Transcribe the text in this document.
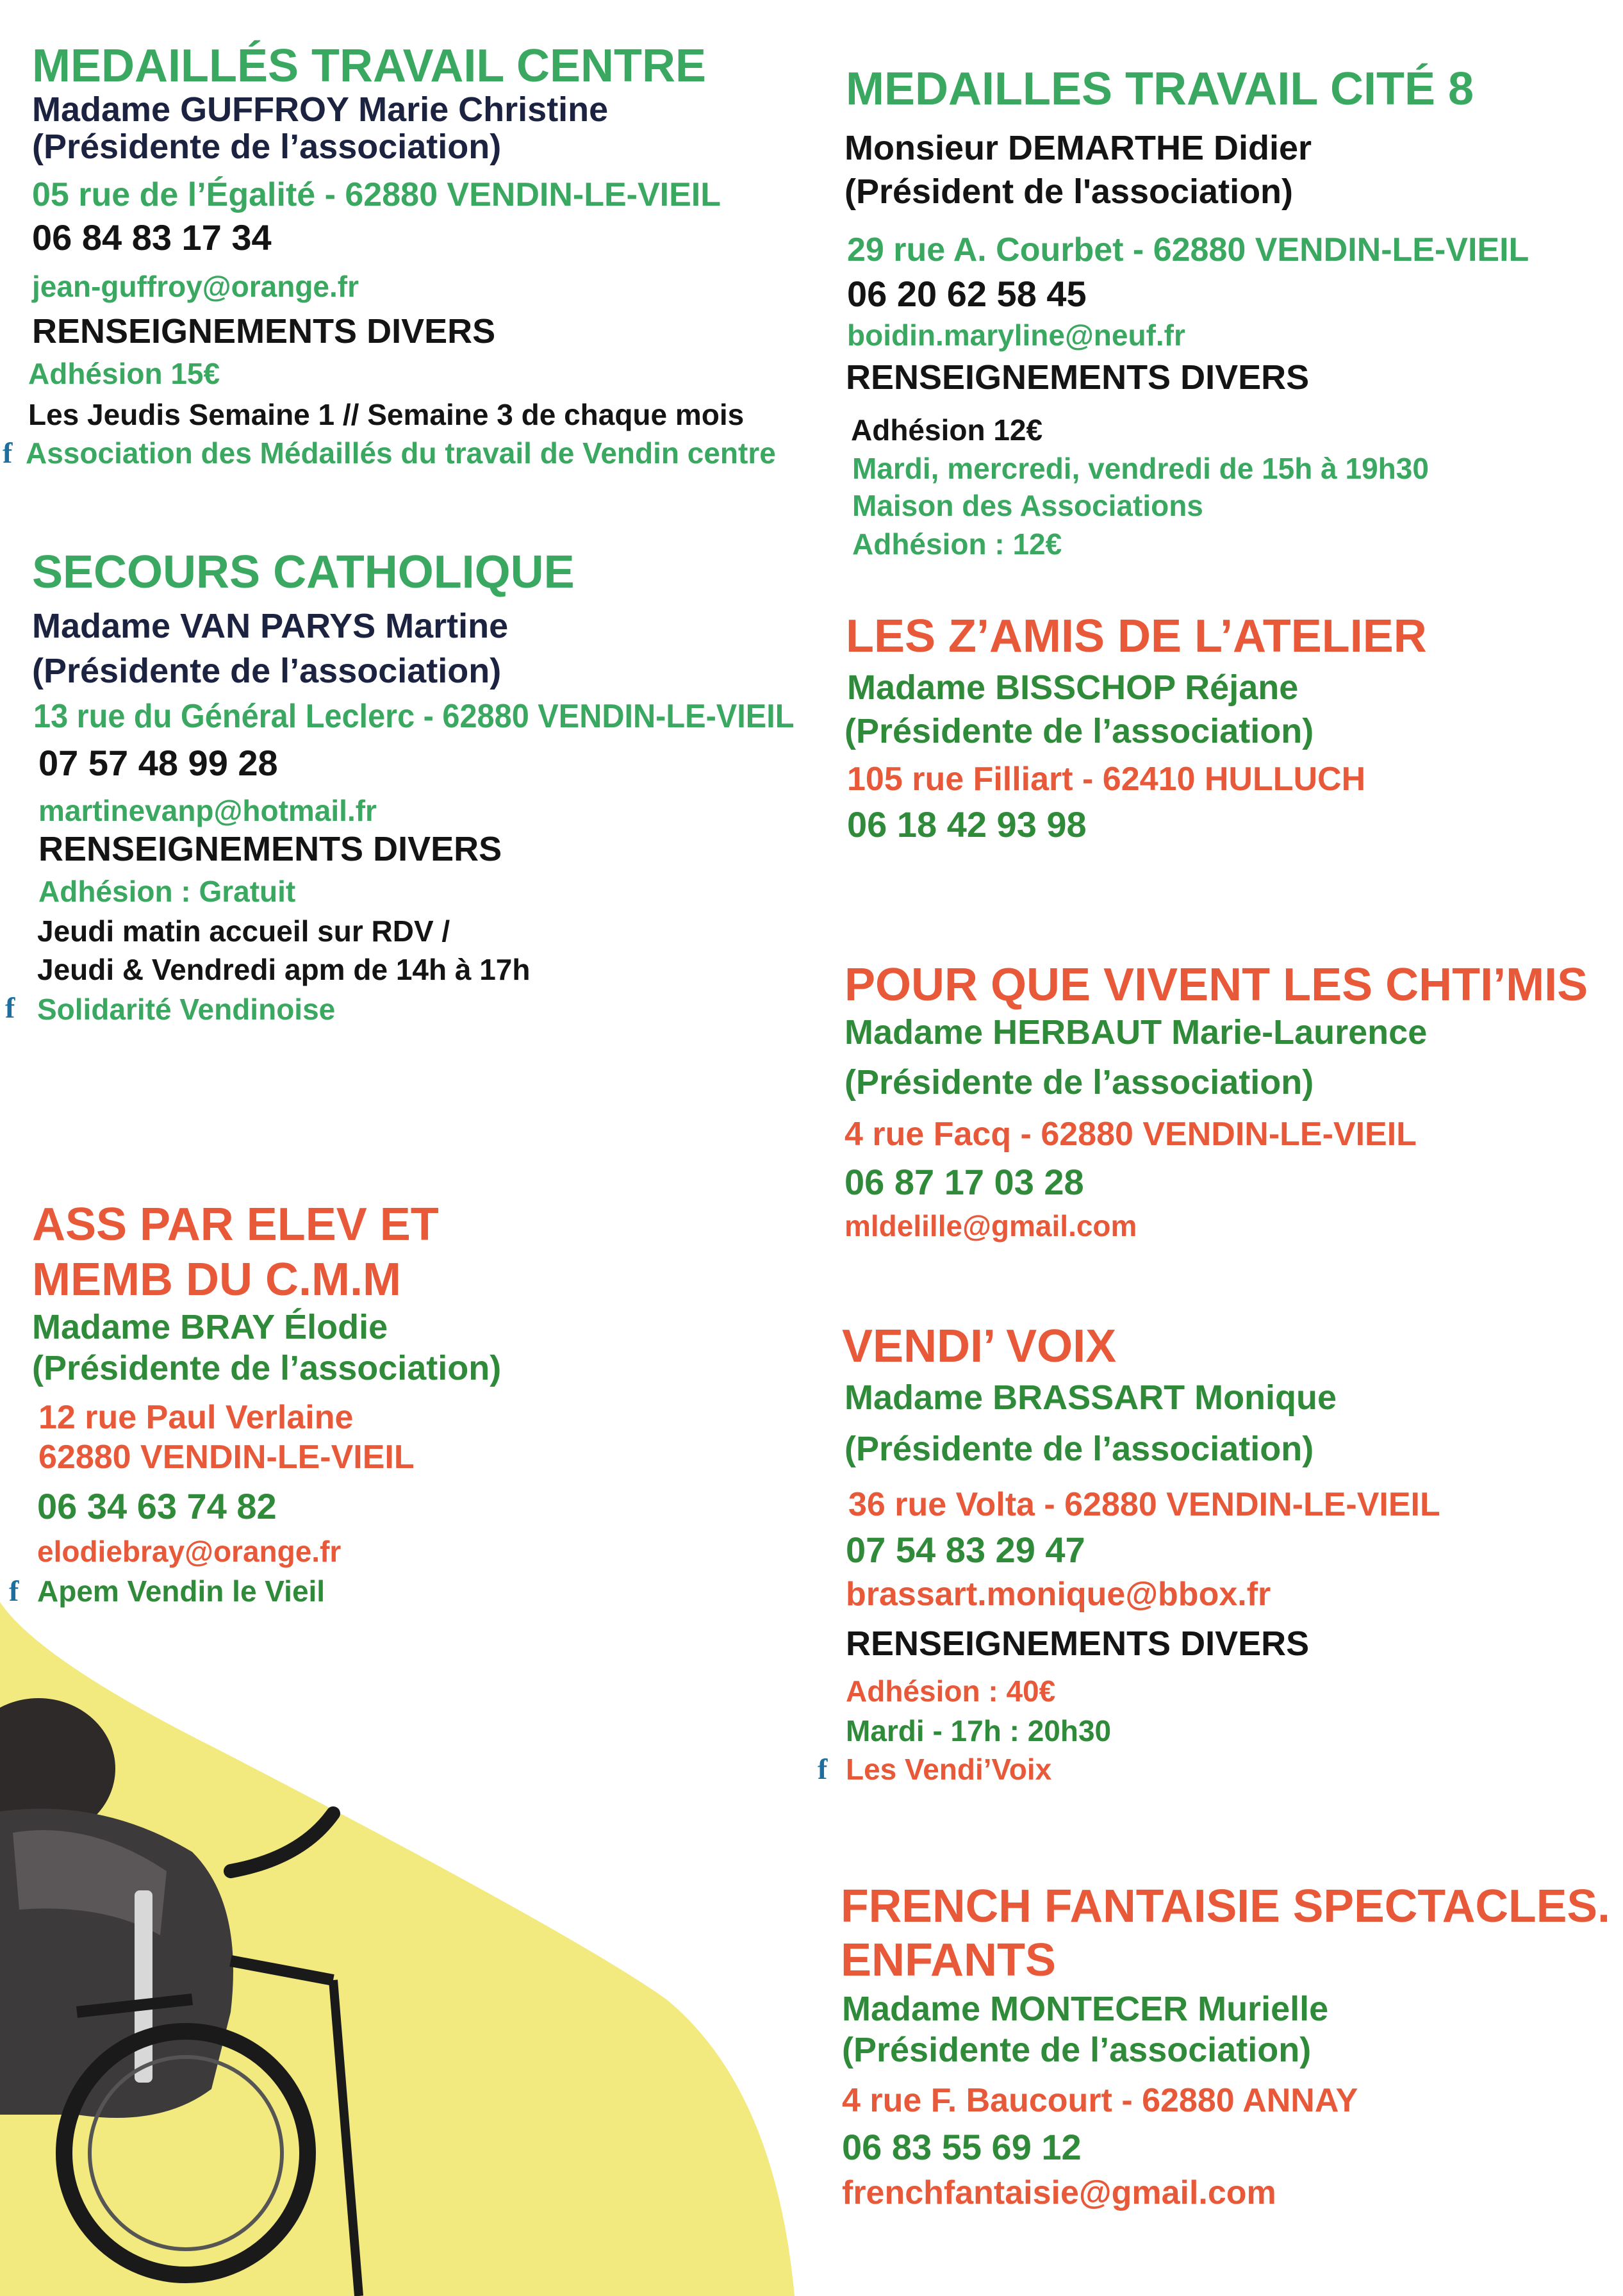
MEDAILLÉS TRAVAIL CENTRE
Madame GUFFROY Marie Christine
(Présidente de l’association)
05 rue de l’Égalité - 62880 VENDIN-LE-VIEIL
06 84 83 17 34
jean-guffroy@orange.fr
RENSEIGNEMENTS DIVERS
Adhésion 15€
Les Jeudis Semaine 1 // Semaine 3 de chaque mois
f Association des Médaillés du travail de Vendin centre
SECOURS CATHOLIQUE
Madame VAN PARYS Martine
(Présidente de l’association)
13 rue du Général Leclerc - 62880 VENDIN-LE-VIEIL
07 57 48 99 28
martinevanp@hotmail.fr
RENSEIGNEMENTS DIVERS
Adhésion : Gratuit
Jeudi matin accueil sur RDV /
Jeudi & Vendredi apm de 14h à 17h
f Solidarité Vendinoise
ASS PAR ELEV ET
MEMB DU C.M.M
Madame BRAY Élodie
(Présidente de l’association)
12 rue Paul Verlaine
62880 VENDIN-LE-VIEIL
06 34 63 74 82
elodiebray@orange.fr
f Apem Vendin le Vieil
MEDAILLES TRAVAIL CITÉ 8
Monsieur DEMARTHE Didier
(Président de l'association)
29 rue A. Courbet - 62880 VENDIN-LE-VIEIL
06 20 62 58 45
boidin.maryline@neuf.fr
RENSEIGNEMENTS DIVERS
Adhésion 12€
Mardi, mercredi, vendredi de 15h à 19h30
Maison des Associations
Adhésion : 12€
LES Z’AMIS DE L’ATELIER
Madame BISSCHOP Réjane
(Présidente de l’association)
105 rue Filliart - 62410 HULLUCH
06 18 42 93 98
POUR QUE VIVENT LES CHTI’MIS
Madame HERBAUT Marie-Laurence
(Présidente de l’association)
4 rue Facq - 62880 VENDIN-LE-VIEIL
06 87 17 03 28
mldelille@gmail.com
VENDI’ VOIX
Madame BRASSART Monique
(Présidente de l’association)
36 rue Volta - 62880 VENDIN-LE-VIEIL
07 54 83 29 47
brassart.monique@bbox.fr
RENSEIGNEMENTS DIVERS
Adhésion : 40€
Mardi - 17h : 20h30
f Les Vendi’Voix
FRENCH FANTAISIE SPECTACLES.
ENFANTS
Madame MONTECER Murielle
(Présidente de l’association)
4 rue F. Baucourt - 62880 ANNAY
06 83 55 69 12
frenchfantaisie@gmail.com
